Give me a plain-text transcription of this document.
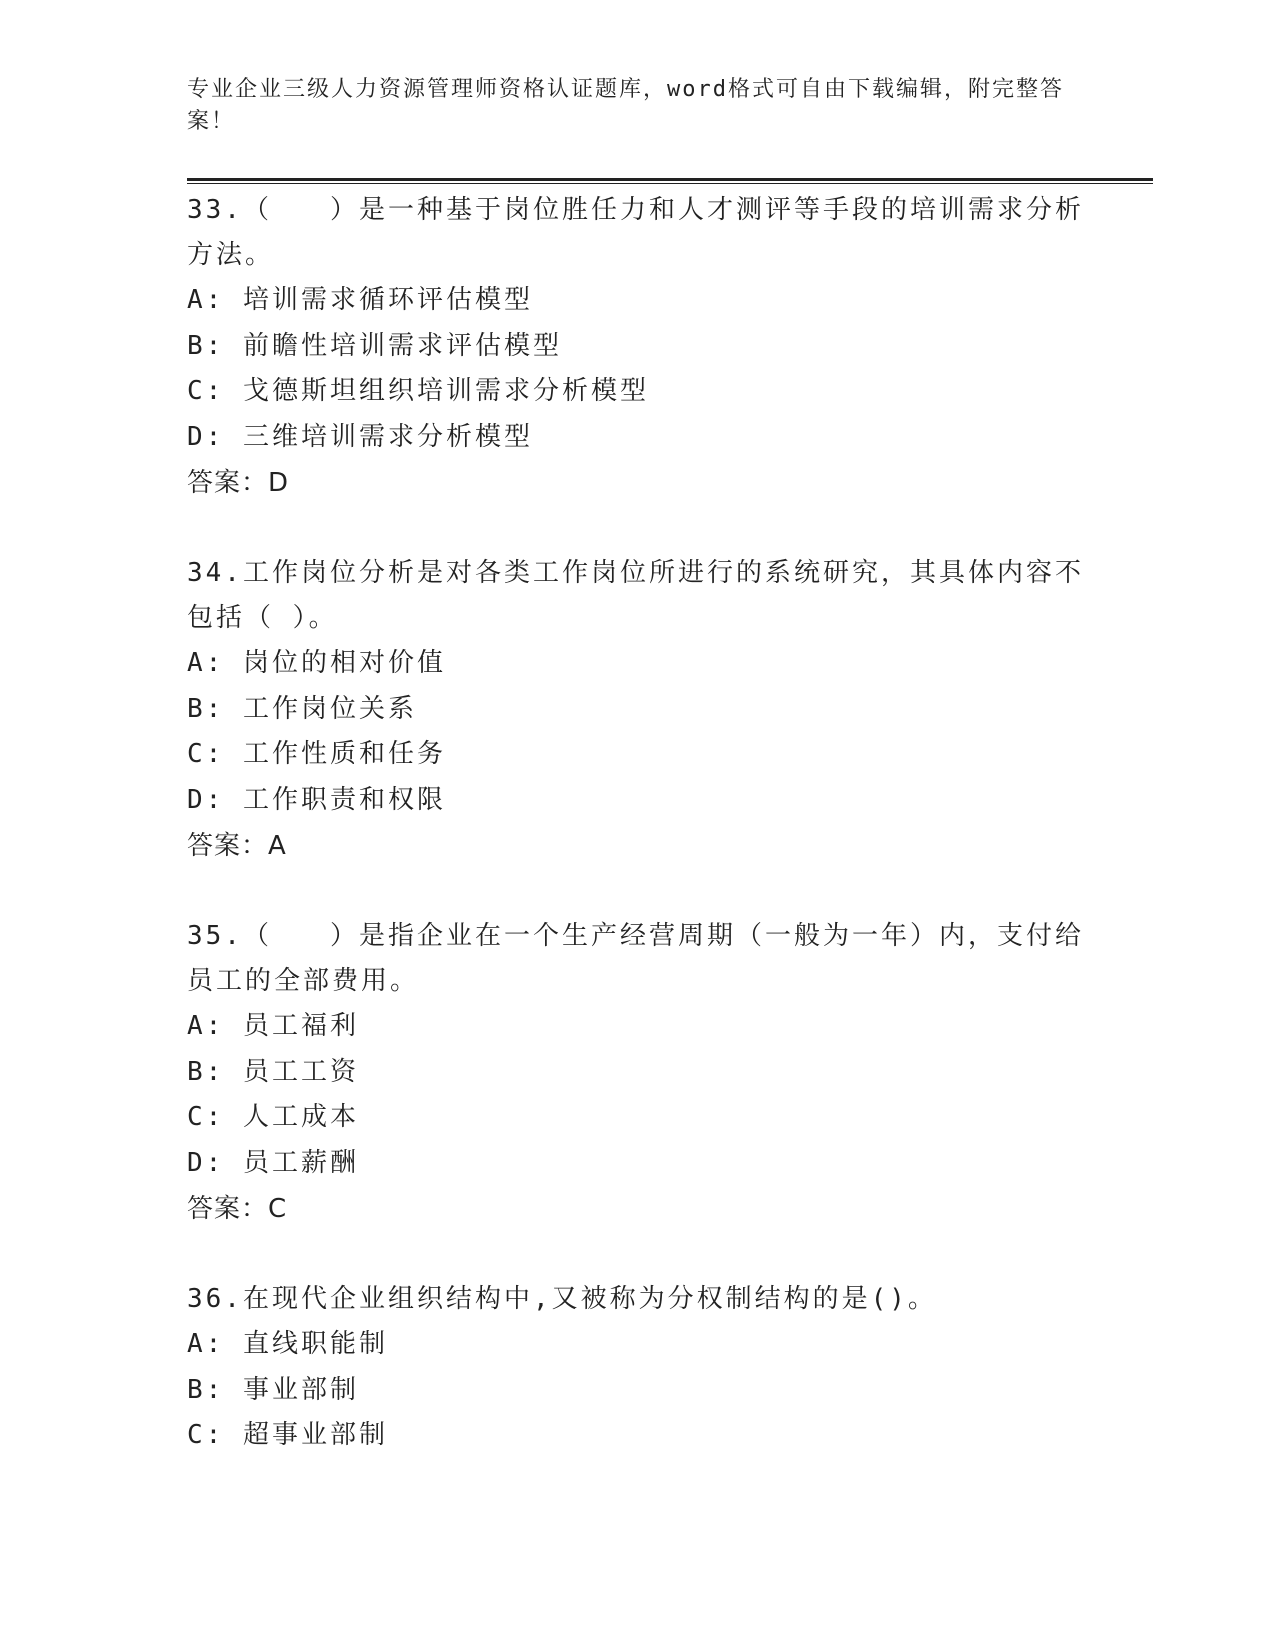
专业企业三级人力资源管理师资格认证题库，word格式可自由下载编辑，附完整答案！

33.（　　）是一种基于岗位胜任力和人才测评等手段的培训需求分析方法。

A: 培训需求循环评估模型

B: 前瞻性培训需求评估模型

C: 戈德斯坦组织培训需求分析模型

D: 三维培训需求分析模型

答案：D

34.工作岗位分析是对各类工作岗位所进行的系统研究，其具体内容不包括（ ）。

A: 岗位的相对价值

B: 工作岗位关系

C: 工作性质和任务

D: 工作职责和权限

答案：A

35.（　　）是指企业在一个生产经营周期（一般为一年）内，支付给员工的全部费用。

A: 员工福利

B: 员工工资

C: 人工成本

D: 员工薪酬

答案：C

36.在现代企业组织结构中,又被称为分权制结构的是()。

A: 直线职能制

B: 事业部制

C: 超事业部制
